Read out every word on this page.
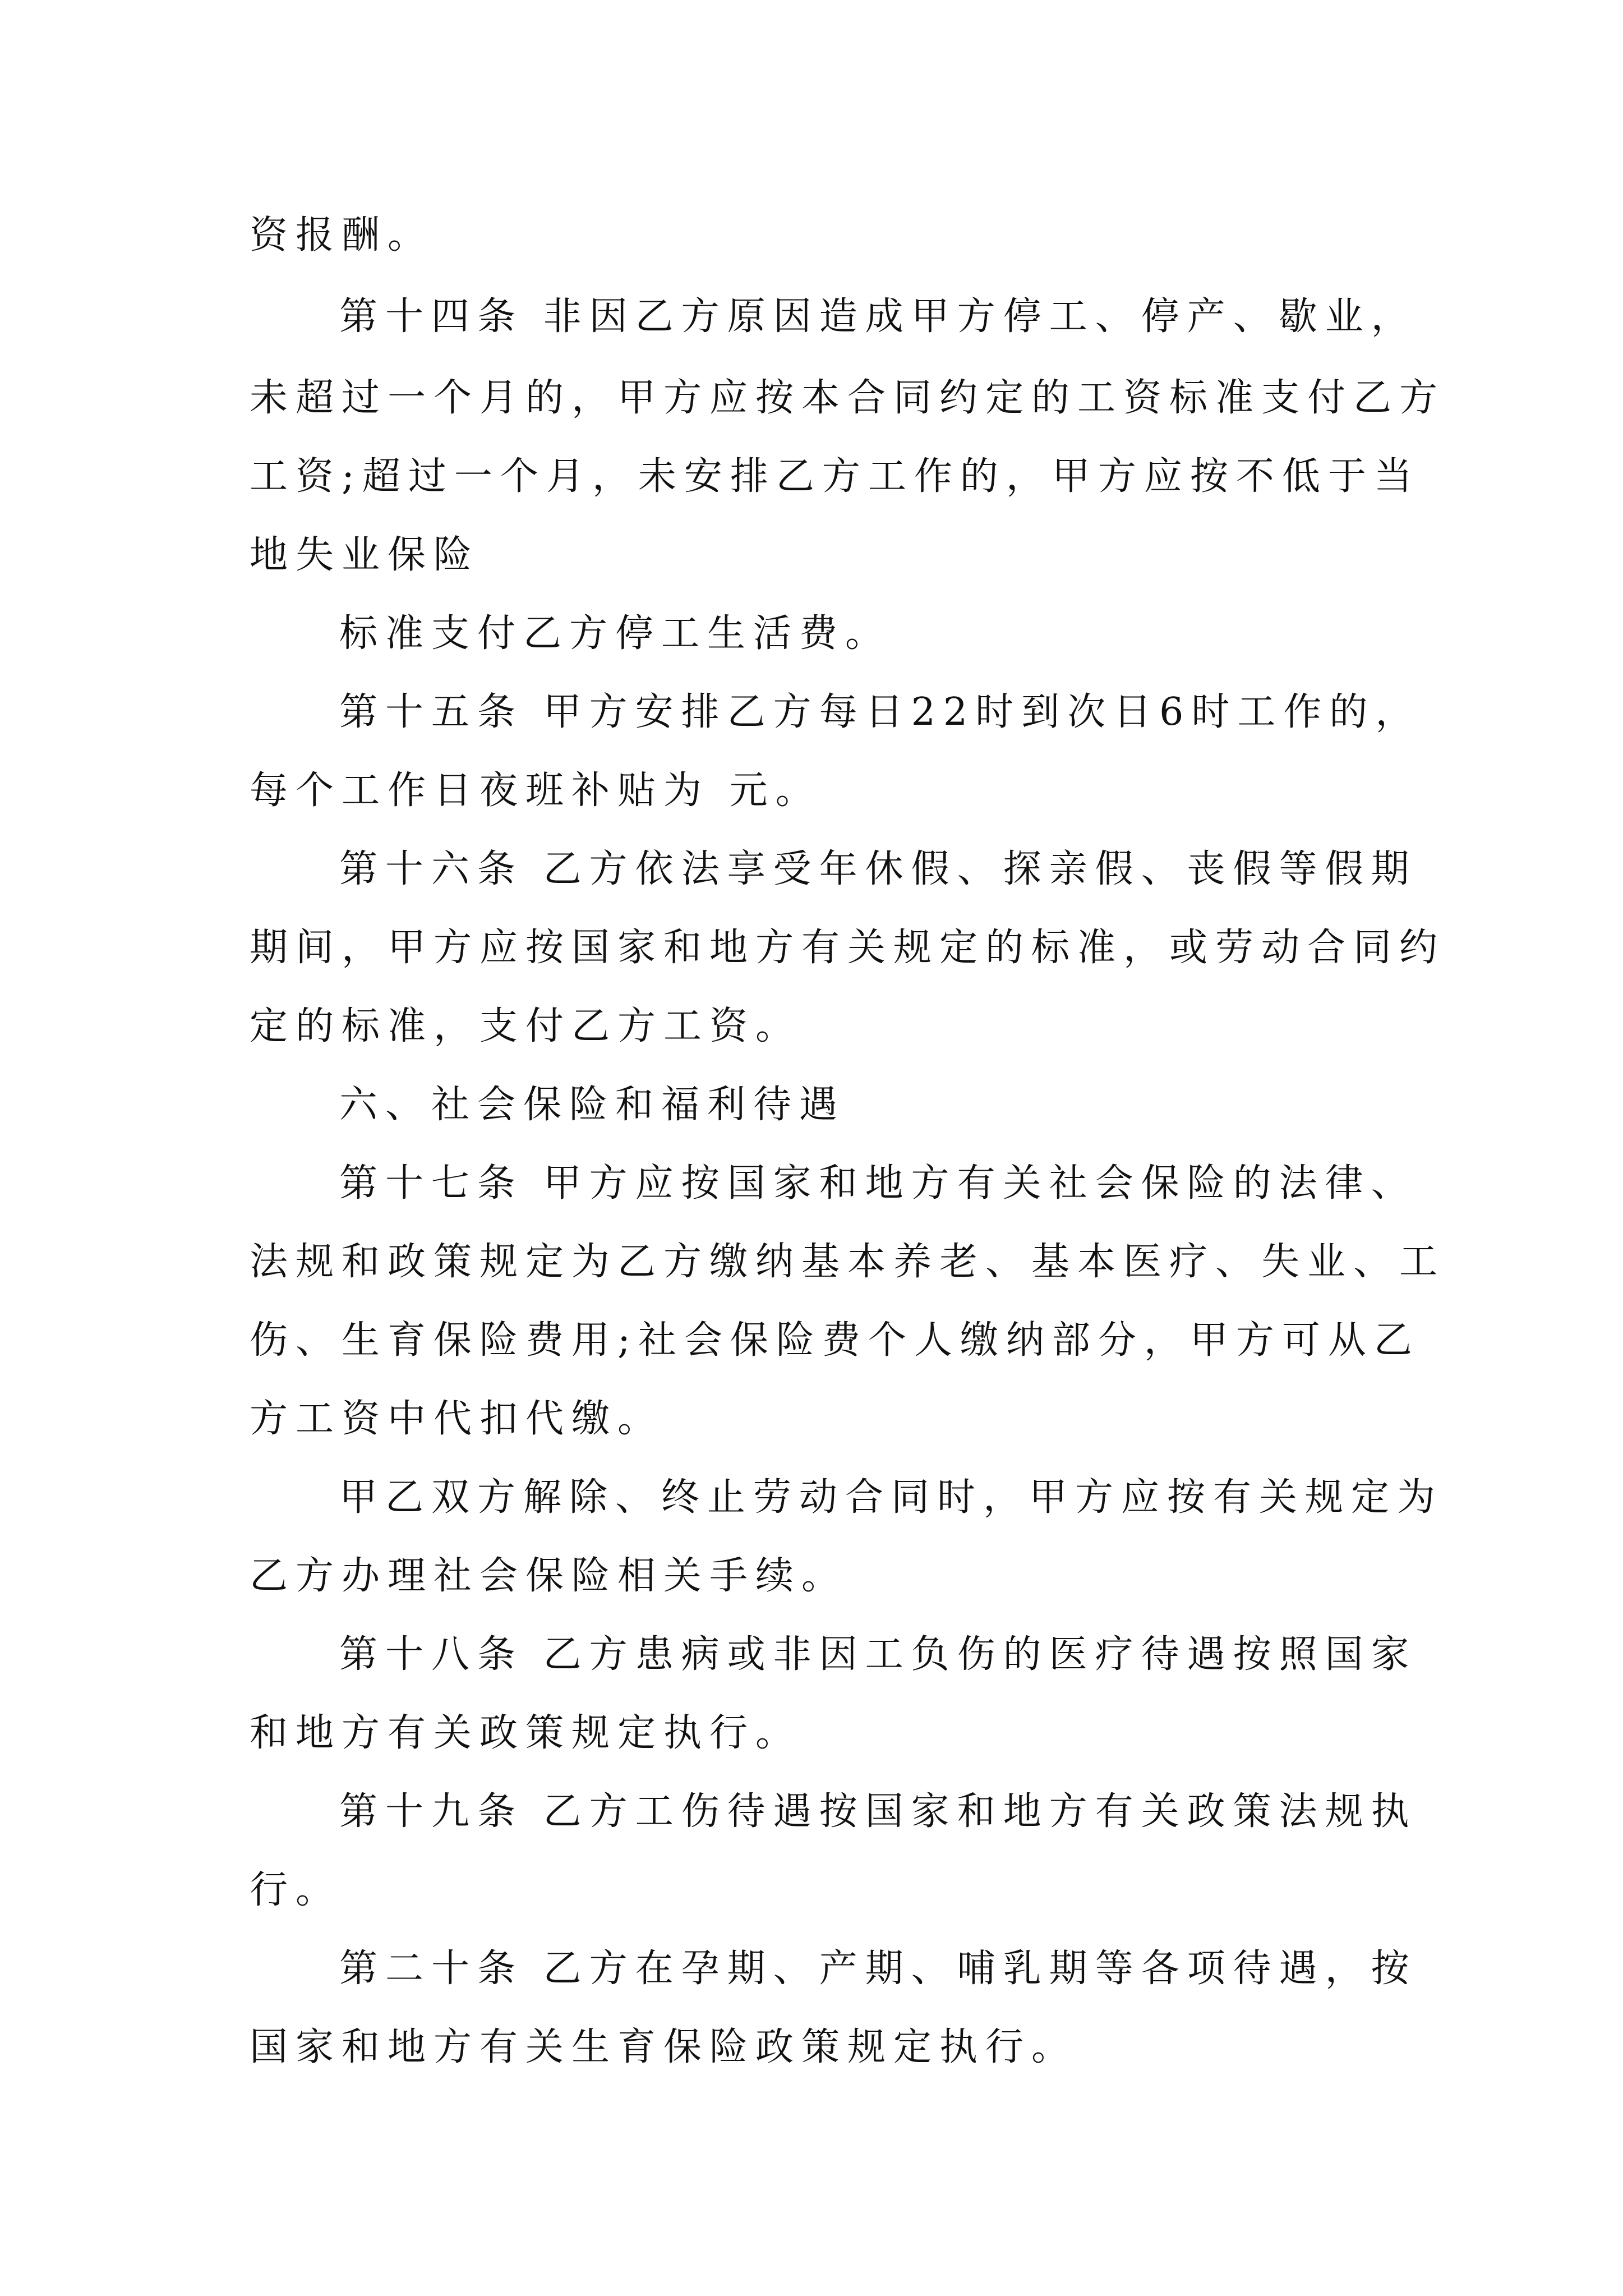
资报酬。
第十四条 非因乙方原因造成甲方停工、停产、歇业，
未超过一个月的，甲方应按本合同约定的工资标准支付乙方
工资;超过一个月，未安排乙方工作的，甲方应按不低于当
地失业保险
标准支付乙方停工生活费。
第十五条 甲方安排乙方每日22时到次日6时工作的，
每个工作日夜班补贴为 元。
第十六条 乙方依法享受年休假、探亲假、丧假等假期
期间，甲方应按国家和地方有关规定的标准，或劳动合同约
定的标准，支付乙方工资。
六、社会保险和福利待遇
第十七条 甲方应按国家和地方有关社会保险的法律、
法规和政策规定为乙方缴纳基本养老、基本医疗、失业、工
伤、生育保险费用;社会保险费个人缴纳部分，甲方可从乙
方工资中代扣代缴。
甲乙双方解除、终止劳动合同时，甲方应按有关规定为
乙方办理社会保险相关手续。
第十八条 乙方患病或非因工负伤的医疗待遇按照国家
和地方有关政策规定执行。
第十九条 乙方工伤待遇按国家和地方有关政策法规执
行。
第二十条 乙方在孕期、产期、哺乳期等各项待遇，按
国家和地方有关生育保险政策规定执行。
